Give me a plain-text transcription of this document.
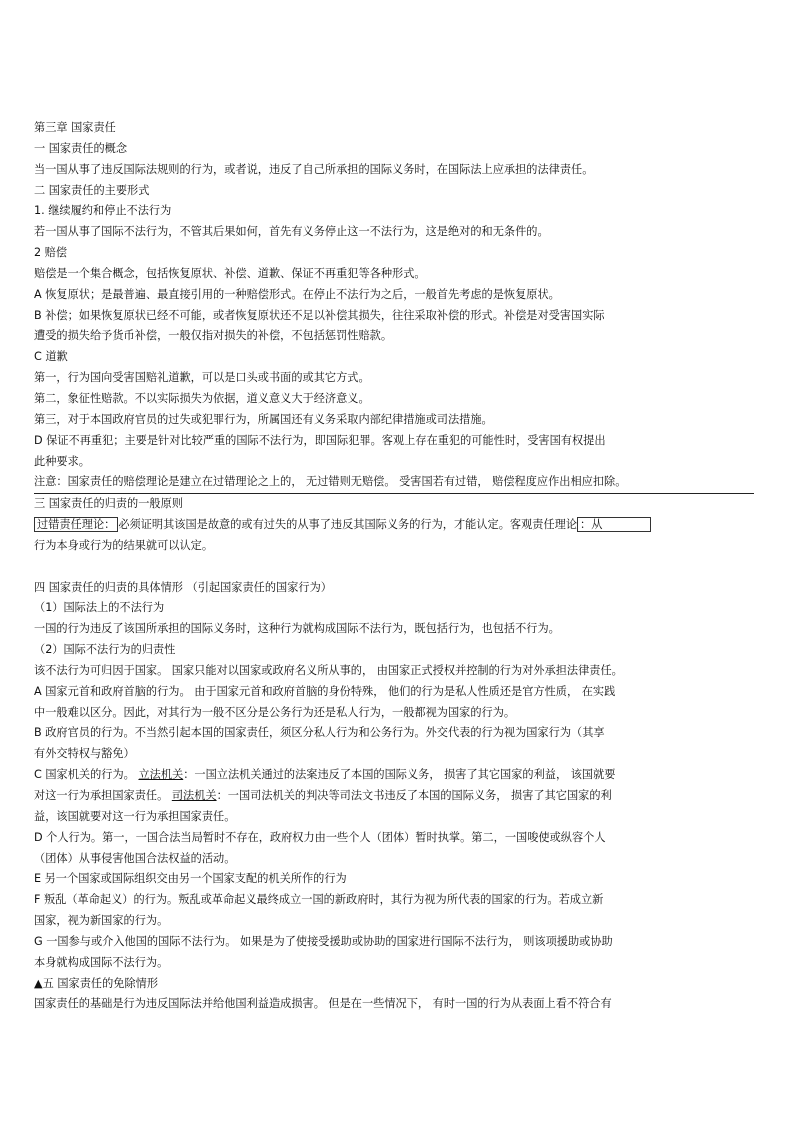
第三章 国家责任
一 国家责任的概念
当一国从事了违反国际法规则的行为，或者说，违反了自己所承担的国际义务时，在国际法上应承担的法律责任。
二 国家责任的主要形式
1. 继续履约和停止不法行为
若一国从事了国际不法行为，不管其后果如何，首先有义务停止这一不法行为，这是绝对的和无条件的。
2 赔偿
赔偿是一个集合概念，包括恢复原状、补偿、道歉、保证不再重犯等各种形式。
A 恢复原状；是最普遍、最直接引用的一种赔偿形式。在停止不法行为之后，一般首先考虑的是恢复原状。
B 补偿；如果恢复原状已经不可能，或者恢复原状还不足以补偿其损失，往往采取补偿的形式。补偿是对受害国实际
遭受的损失给予货币补偿，一般仅指对损失的补偿，不包括惩罚性赔款。
C 道歉
第一，行为国向受害国赔礼道歉，可以是口头或书面的或其它方式。
第二，象征性赔款。不以实际损失为依据，道义意义大于经济意义。
第三，对于本国政府官员的过失或犯罪行为，所属国还有义务采取内部纪律措施或司法措施。
D 保证不再重犯；主要是针对比较严重的国际不法行为，即国际犯罪。客观上存在重犯的可能性时，受害国有权提出
此种要求。
注意：国家责任的赔偿理论是建立在过错理论之上的， 无过错则无赔偿。 受害国若有过错， 赔偿程度应作出相应扣除。
三 国家责任的归责的一般原则
过错责任理论： 必须证明其该国是故意的或有过失的从事了违反其国际义务的行为，才能认定。客观责任理论 ：从
行为本身或行为的结果就可以认定。
四 国家责任的归责的具体情形 （引起国家责任的国家行为）
（1）国际法上的不法行为
一国的行为违反了该国所承担的国际义务时，这种行为就构成国际不法行为，既包括行为，也包括不行为。
（2）国际不法行为的归责性
该不法行为可归因于国家。 国家只能对以国家或政府名义所从事的， 由国家正式授权并控制的行为对外承担法律责任。
A 国家元首和政府首脑的行为。 由于国家元首和政府首脑的身份特殊， 他们的行为是私人性质还是官方性质， 在实践
中一般难以区分。因此，对其行为一般不区分是公务行为还是私人行为，一般都视为国家的行为。
B 政府官员的行为。不当然引起本国的国家责任，须区分私人行为和公务行为。外交代表的行为视为国家行为（其享
有外交特权与豁免）
C 国家机关的行为。 立法机关：一国立法机关通过的法案违反了本国的国际义务， 损害了其它国家的利益， 该国就要
对这一行为承担国家责任。 司法机关：一国司法机关的判决等司法文书违反了本国的国际义务， 损害了其它国家的利
益，该国就要对这一行为承担国家责任。
D 个人行为。第一，一国合法当局暂时不存在，政府权力由一些个人（团体）暂时执掌。第二，一国唆使或纵容个人
（团体）从事侵害他国合法权益的活动。
E 另一个国家或国际组织交由另一个国家支配的机关所作的行为
F 叛乱（革命起义）的行为。叛乱或革命起义最终成立一国的新政府时，其行为视为所代表的国家的行为。若成立新
国家，视为新国家的行为。
G 一国参与或介入他国的国际不法行为。 如果是为了使接受援助或协助的国家进行国际不法行为， 则该项援助或协助
本身就构成国际不法行为。
▲五 国家责任的免除情形
国家责任的基础是行为违反国际法并给他国利益造成损害。 但是在一些情况下， 有时一国的行为从表面上看不符合有
